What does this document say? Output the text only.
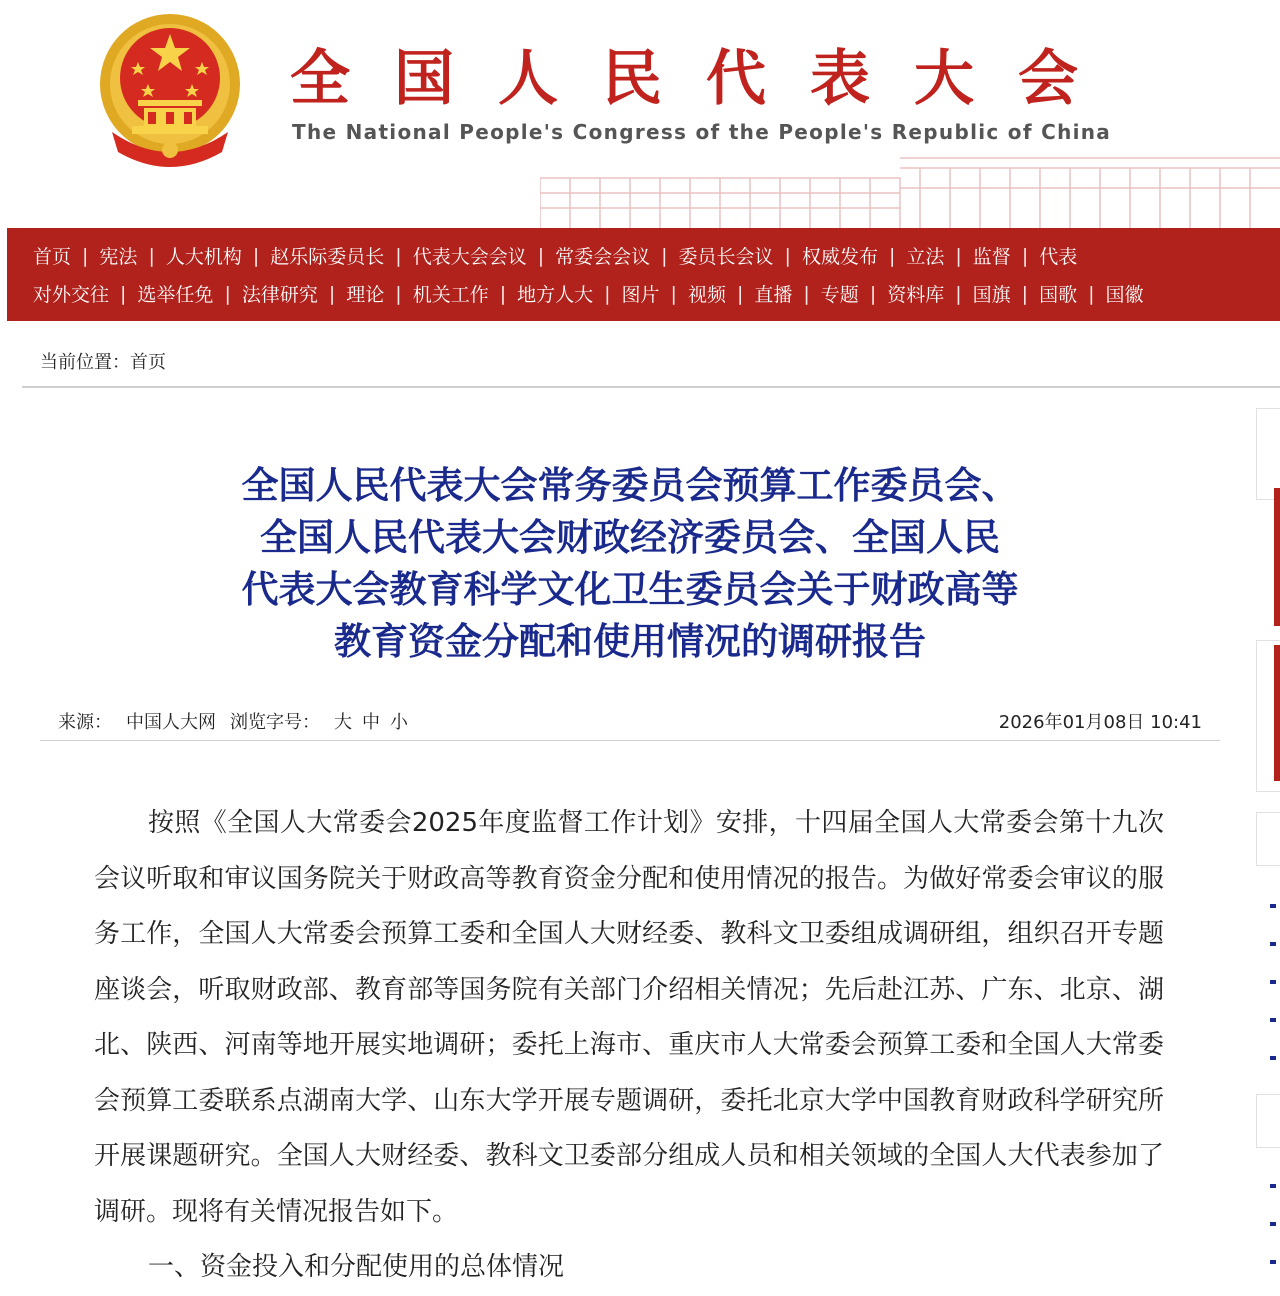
全国人民代表大会
The National People's Congress of the People's Republic of China
首页 | 宪法 | 人大机构 | 赵乐际委员长 | 代表大会会议 | 常委会会议 | 委员长会议 | 权威发布 | 立法 | 监督 | 代表
对外交往 | 选举任免 | 法律研究 | 理论 | 机关工作 | 地方人大 | 图片 | 视频 | 直播 | 专题 | 资料库 | 国旗 | 国歌 | 国徽
当前位置：首页
全国人民代表大会常务委员会预算工作委员会、
全国人民代表大会财政经济委员会、全国人民
代表大会教育科学文化卫生委员会关于财政高等
教育资金分配和使用情况的调研报告
来源： 中国人大网 浏览字号： 大 中 小	2026年01月08日 10:41

按照《全国人大常委会2025年度监督工作计划》安排，十四届全国人大常委会第十九次会议听取和审议国务院关于财政高等教育资金分配和使用情况的报告。为做好常委会审议的服务工作，全国人大常委会预算工委和全国人大财经委、教科文卫委组成调研组，组织召开专题座谈会，听取财政部、教育部等国务院有关部门介绍相关情况；先后赴江苏、广东、北京、湖北、陕西、河南等地开展实地调研；委托上海市、重庆市人大常委会预算工委和全国人大常委会预算工委联系点湖南大学、山东大学开展专题调研，委托北京大学中国教育财政科学研究所开展课题研究。全国人大财经委、教科文卫委部分组成人员和相关领域的全国人大代表参加了调研。现将有关情况报告如下。

一、资金投入和分配使用的总体情况
